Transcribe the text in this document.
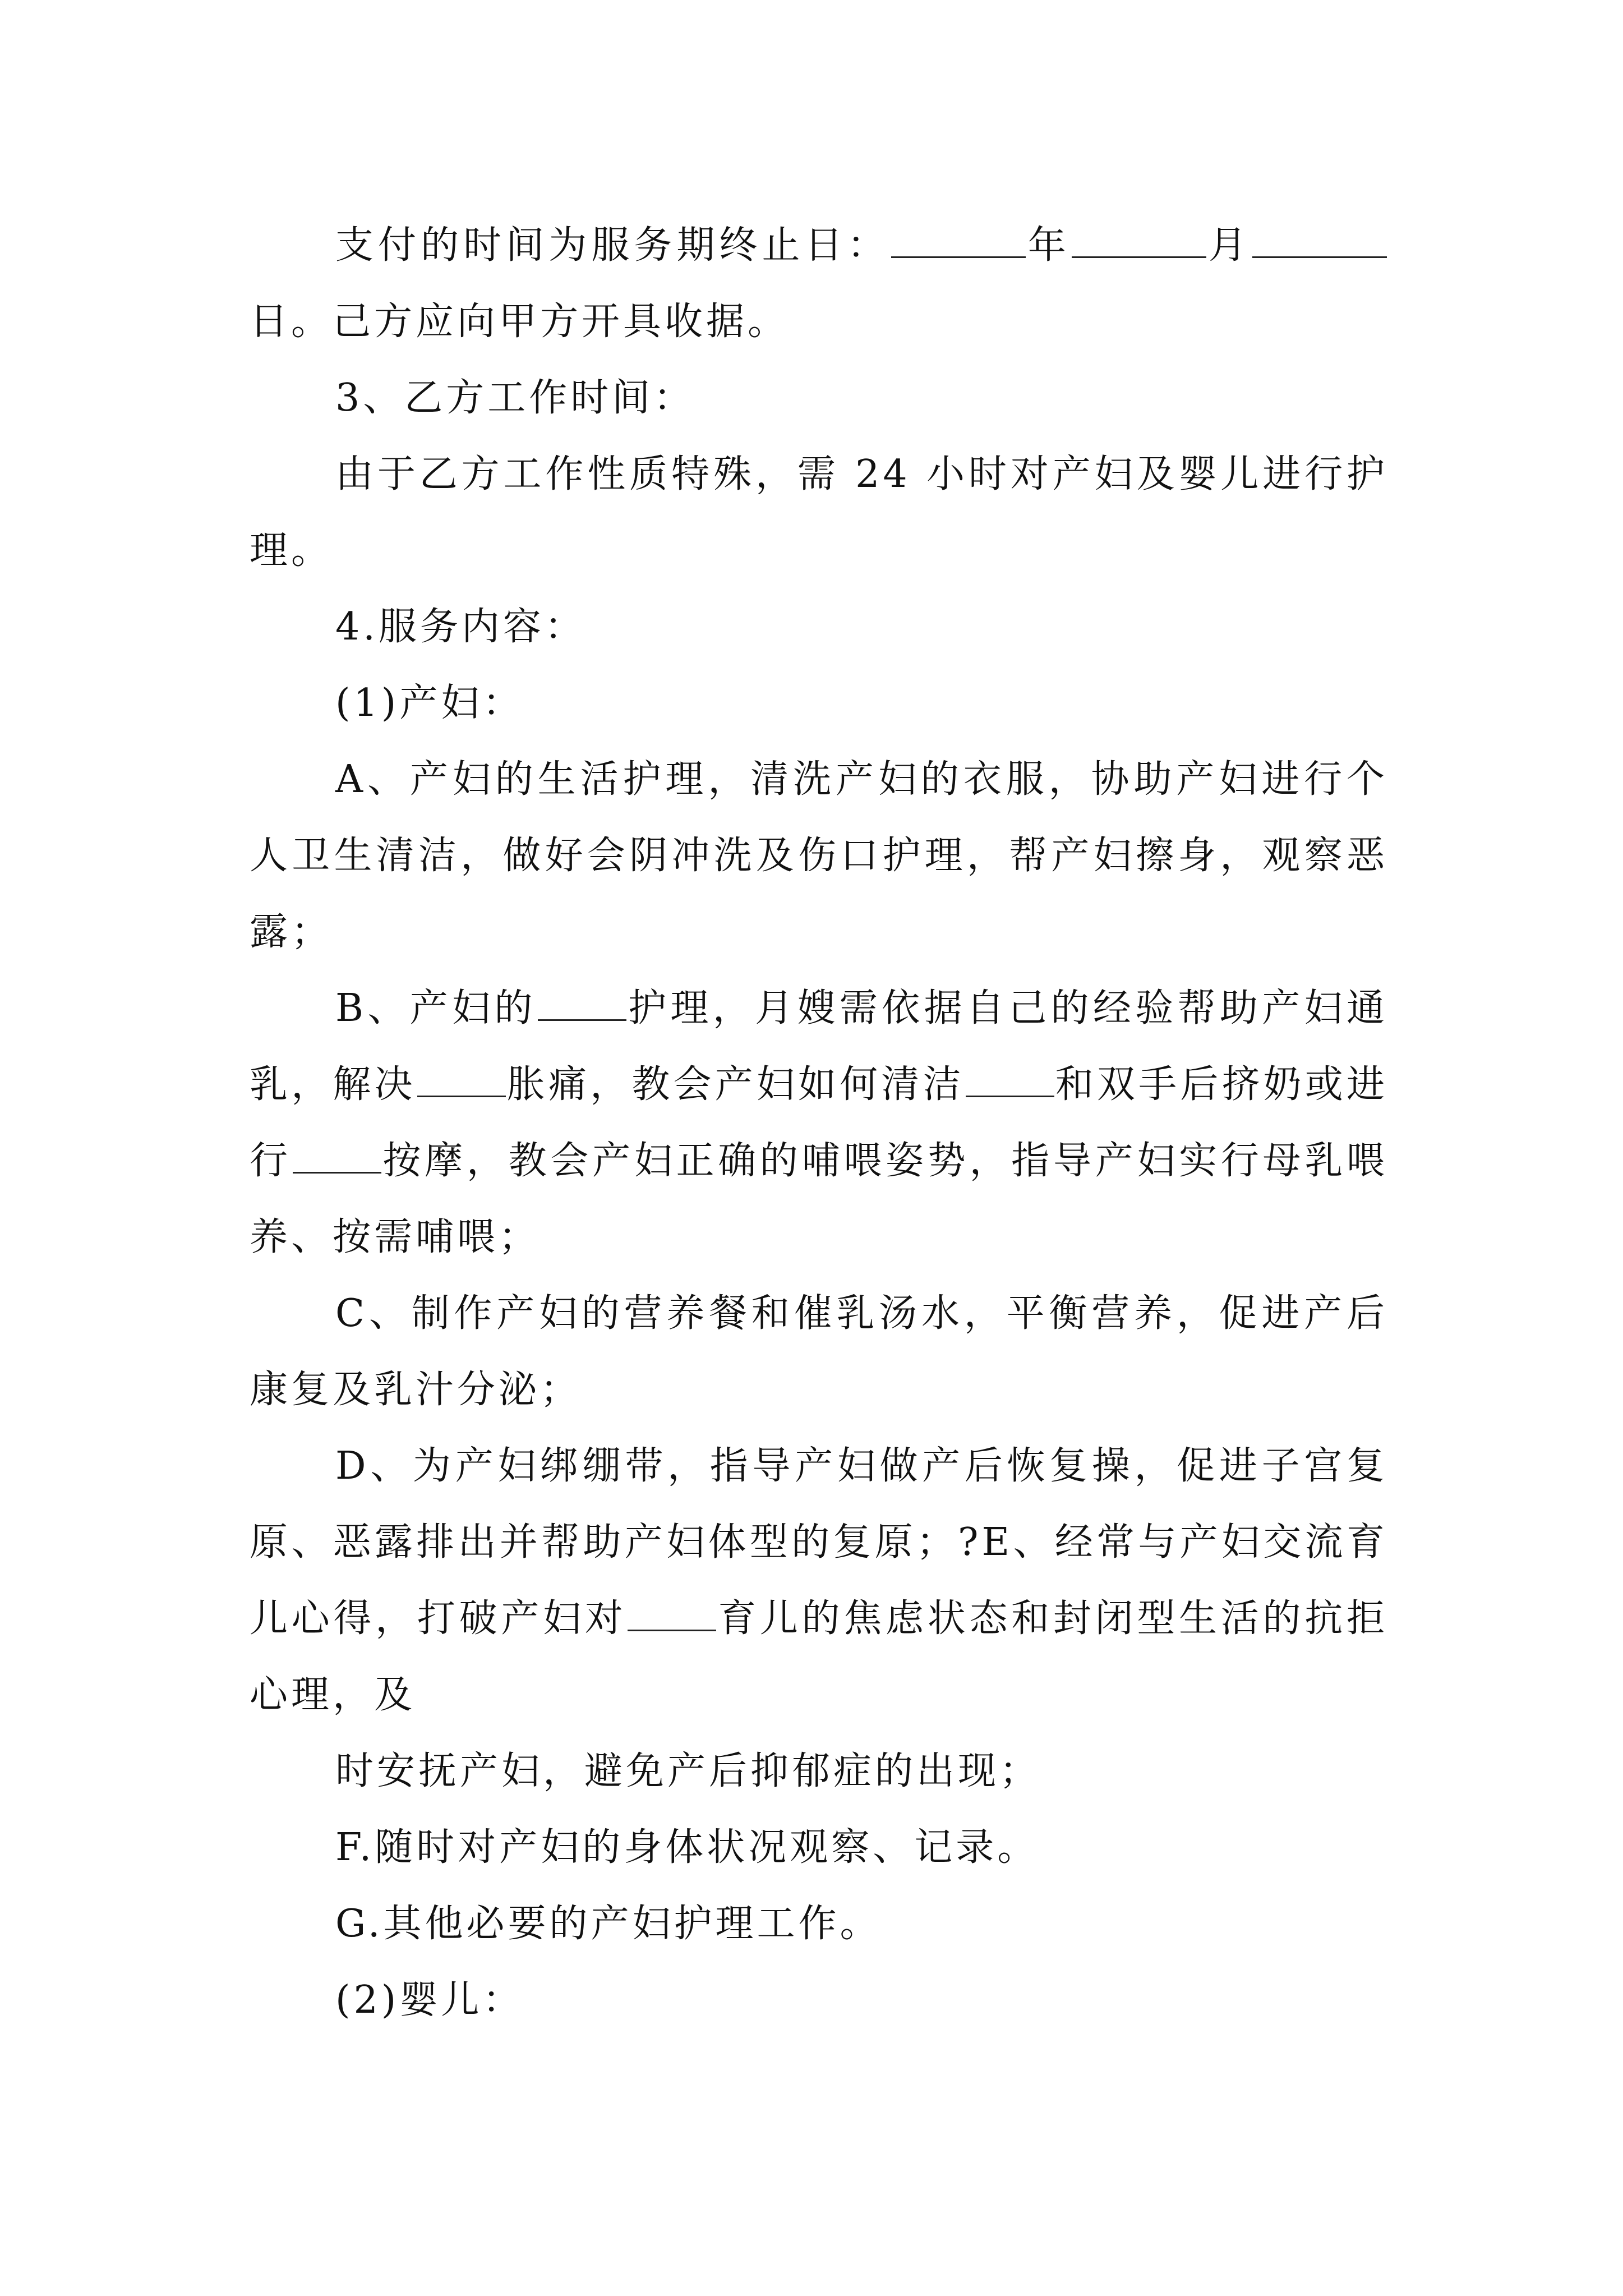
支付的时间为服务期终止日：	年	月日。己方应向甲方开具收据。

3、乙方工作时间：

由于乙方工作性质特殊，需 24 小时对产妇及婴儿进行护理。

4.服务内容：

(1)产妇：

A、产妇的生活护理，清洗产妇的衣服，协助产妇进行个人卫生清洁，做好会阴冲洗及伤口护理，帮产妇擦身，观察恶露；

B、产妇的 护理，月嫂需依据自己的经验帮助产妇通乳，解决 胀痛，教会产妇如何清洁 和双手后挤奶或进行 按摩，教会产妇正确的哺喂姿势，指导产妇实行母乳喂养、按需哺喂；

C、制作产妇的营养餐和催乳汤水，平衡营养，促进产后康复及乳汁分泌；

D、为产妇绑绷带，指导产妇做产后恢复操，促进子宫复原、恶露排出并帮助产妇体型的复原；?E、经常与产妇交流育儿心得，打破产妇对 育儿的焦虑状态和封闭型生活的抗拒心理，及

时安抚产妇，避免产后抑郁症的出现；

F.随时对产妇的身体状况观察、记录。

G.其他必要的产妇护理工作。

(2)婴儿：
